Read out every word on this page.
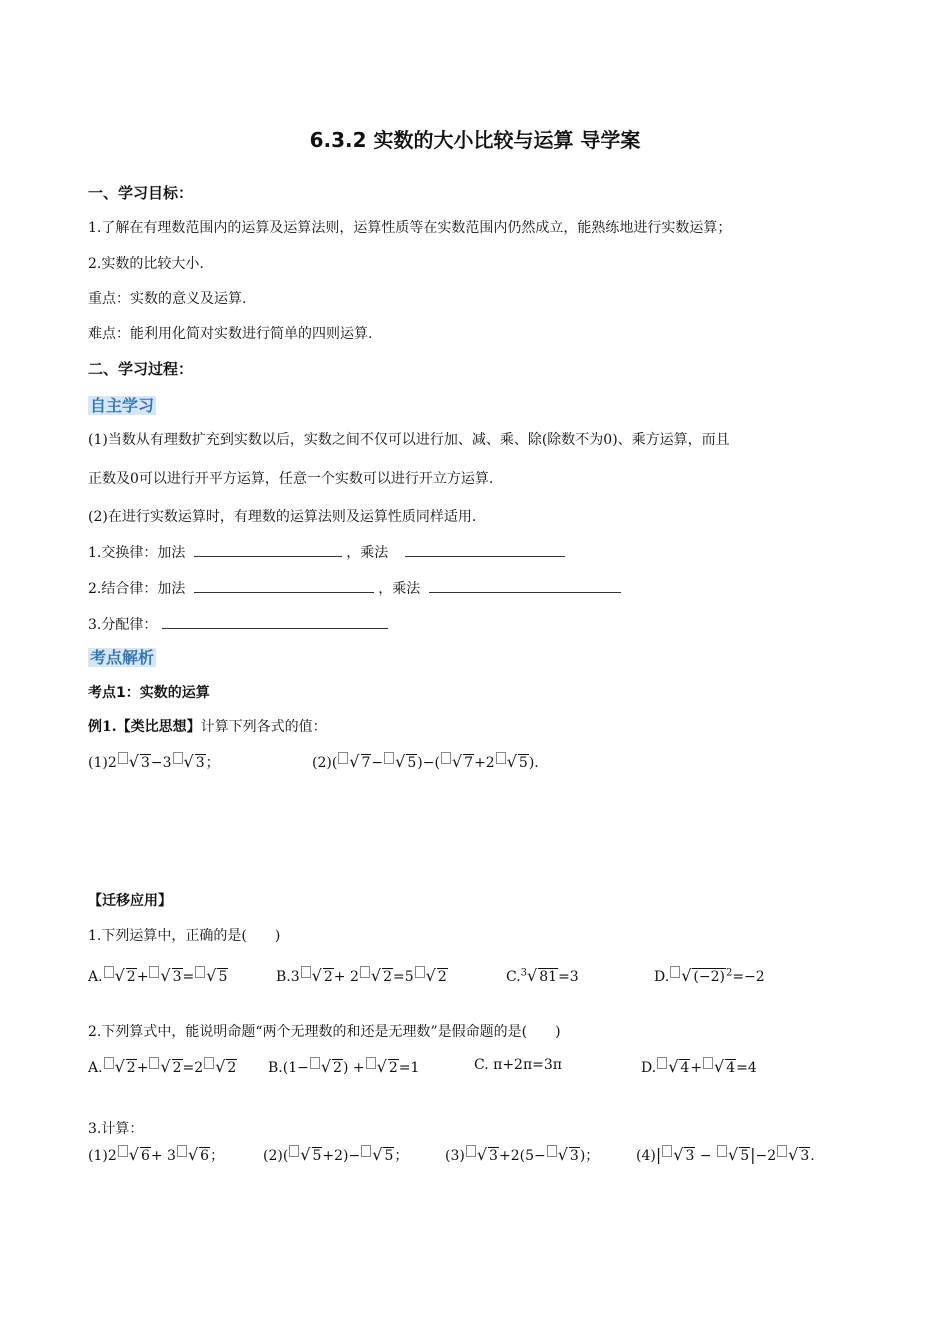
6.3.2 实数的大小比较与运算 导学案
一、学习目标：
1.了解在有理数范围内的运算及运算法则，运算性质等在实数范围内仍然成立，能熟练地进行实数运算；
2.实数的比较大小.
重点：实数的意义及运算.
难点：能利用化简对实数进行简单的四则运算.
二、学习过程：
自主学习
(1)当数从有理数扩充到实数以后，实数之间不仅可以进行加、减、乘、除(除数不为0)、乘方运算，而且
正数及0可以进行开平方运算，任意一个实数可以进行开立方运算.
(2)在进行实数运算时，有理数的运算法则及运算性质同样适用.
1.交换律：加法	，乘法
2.结合律：加法	，乘法
3.分配律：
考点解析
考点1：实数的运算
例1.【类比思想】计算下列各式的值：
(1)2 √ 3−3 √ 3；	(2)( √ 7− √ 5)−( √ 7+2 √ 5).
【迁移应用】
1.下列运算中，正确的是(　　)
A. √ 2+ √ 3= √ 5	B.3 √ 2+ 2 √ 2=5 √ 2	C.$^3$√ 81=3	D. √ $(-2)^2=-2$
2.下列算式中，能说明命题“两个无理数的和还是无理数”是假命题的是(　　)
A. √ 2+ √ 2=2 √ 2 B.(1− √ 2) + √ 2=1	C. π+2π=3π	D. √ 4+ √ 4=4
3.计算：
(1)2 √ 6+ 3 √ 6；	(2)( √ 5+2)− √ 5；	(3) √ 3+2(5− √ 3)；	(4)| √ 3 − √ 5|−2 √ 3.
